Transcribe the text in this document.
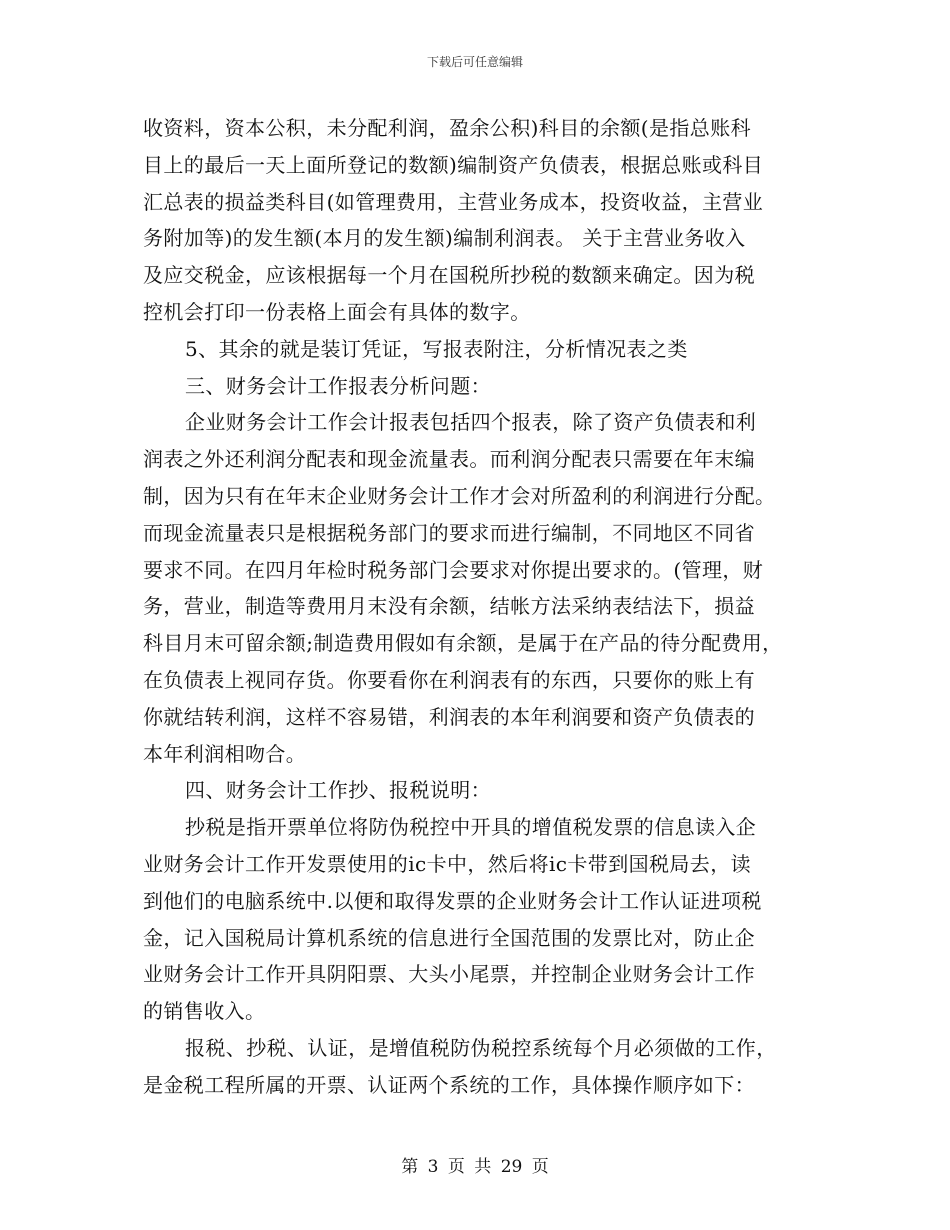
下载后可任意编辑
收资料，资本公积，未分配利润，盈余公积)科目的余额(是指总账科
目上的最后一天上面所登记的数额)编制资产负债表，根据总账或科目
汇总表的损益类科目(如管理费用，主营业务成本，投资收益，主营业
务附加等)的发生额(本月的发生额)编制利润表。 关于主营业务收入
及应交税金，应该根据每一个月在国税所抄税的数额来确定。因为税
控机会打印一份表格上面会有具体的数字。
5、其余的就是装订凭证，写报表附注，分析情况表之类
三、财务会计工作报表分析问题：
企业财务会计工作会计报表包括四个报表，除了资产负债表和利
润表之外还利润分配表和现金流量表。而利润分配表只需要在年末编
制，因为只有在年末企业财务会计工作才会对所盈利的利润进行分配。
而现金流量表只是根据税务部门的要求而进行编制，不同地区不同省
要求不同。在四月年检时税务部门会要求对你提出要求的。(管理，财
务，营业，制造等费用月末没有余额，结帐方法采纳表结法下，损益
科目月末可留余额;制造费用假如有余额，是属于在产品的待分配费用，
在负债表上视同存货。你要看你在利润表有的东西，只要你的账上有
你就结转利润，这样不容易错，利润表的本年利润要和资产负债表的
本年利润相吻合。
四、财务会计工作抄、报税说明：
抄税是指开票单位将防伪税控中开具的增值税发票的信息读入企
业财务会计工作开发票使用的ic卡中，然后将ic卡带到国税局去，读
到他们的电脑系统中.以便和取得发票的企业财务会计工作认证进项税
金，记入国税局计算机系统的信息进行全国范围的发票比对，防止企
业财务会计工作开具阴阳票、大头小尾票，并控制企业财务会计工作
的销售收入。
报税、抄税、认证，是增值税防伪税控系统每个月必须做的工作，
是金税工程所属的开票、认证两个系统的工作，具体操作顺序如下：
第 3 页 共 29 页
